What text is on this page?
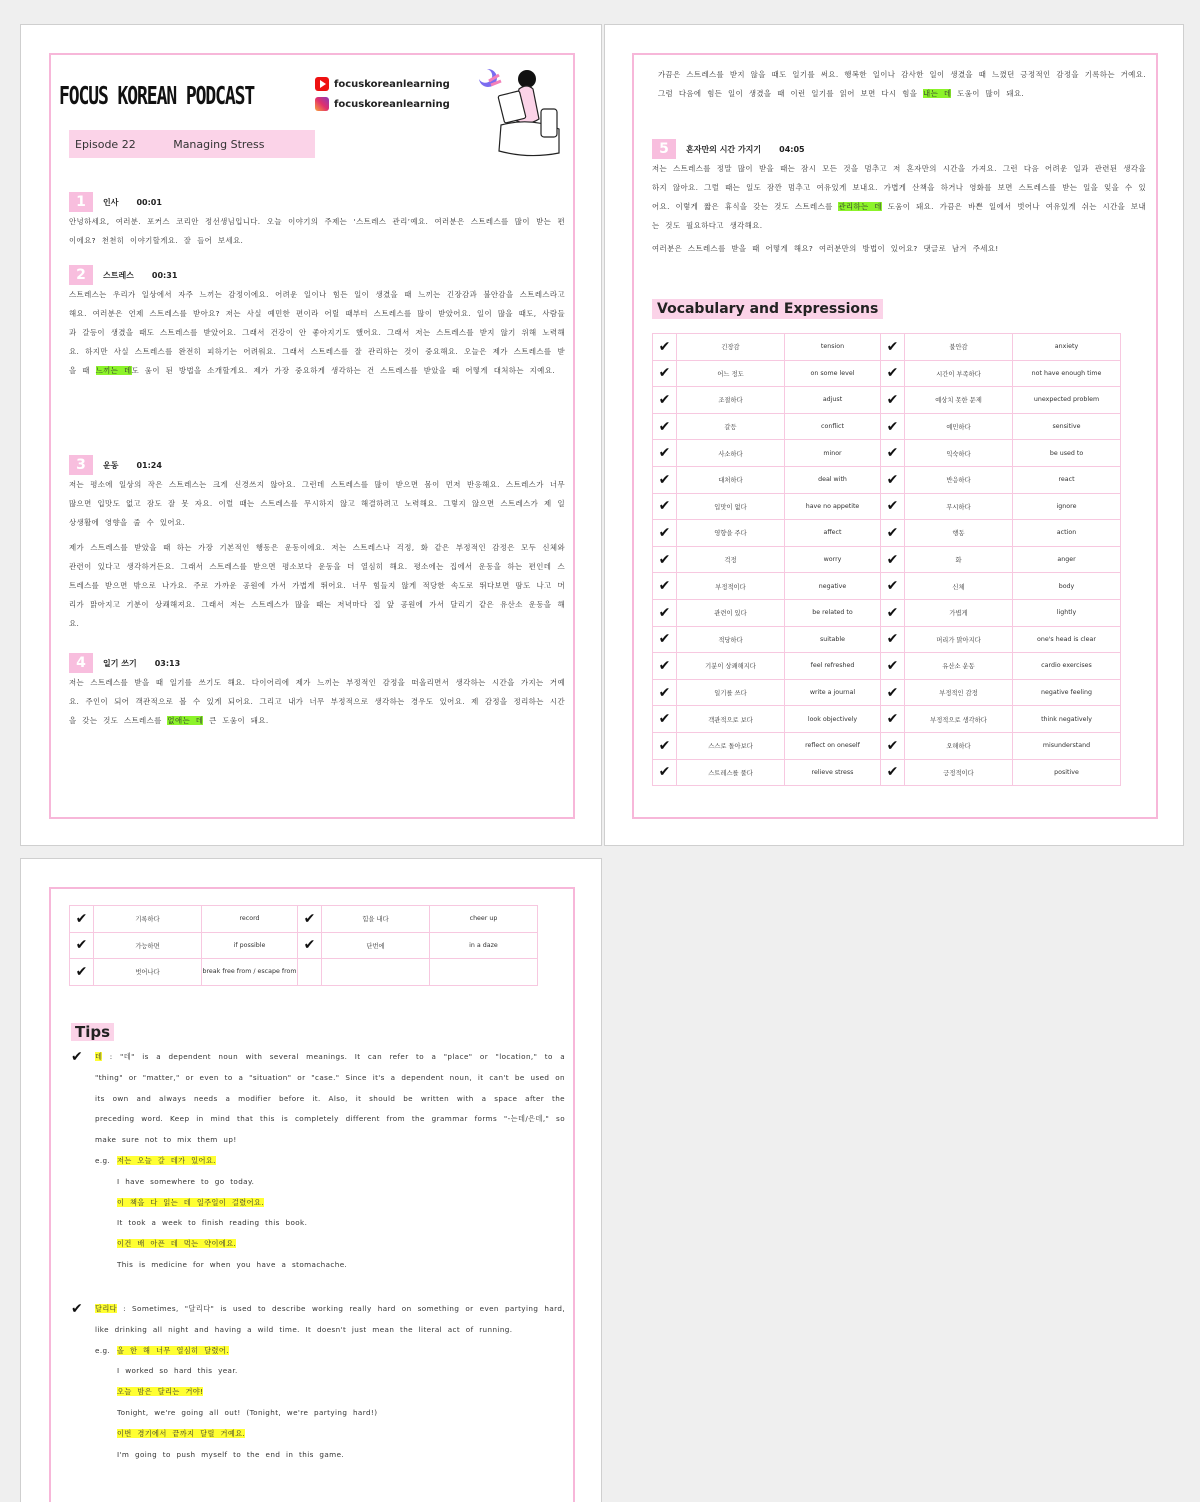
FOCUS KOREAN PODCAST	focuskoreanlearning
focuskoreanlearning
Episode 22	Managing Stress
1	인사 00:01

안녕하세요, 여러분. 포커스 코리안 정선생님입니다. 오늘 이야기의 주제는 ‘스트레스 관리’예요. 여러분은 스트레스를 많이 받는 편이에요? 천천히 이야기할게요. 잘 들어 보세요.

2	스트레스 00:31

스트레스는 우리가 일상에서 자주 느끼는 감정이에요. 어려운 일이나 힘든 일이 생겼을 때 느끼는 긴장감과 불안감을 스트레스라고 해요. 여러분은 언제 스트레스를 받아요? 저는 사실 예민한 편이라 어릴 때부터 스트레스를 많이 받았어요. 일이 많을 때도, 사람들과 갈등이 생겼을 때도 스트레스를 받았어요. 그래서 건강이 안 좋아지기도 했어요. 그래서 저는 스트레스를 받지 않기 위해 노력해요. 하지만 사실 스트레스를 완전히 피하기는 어려워요. 그래서 스트레스를 잘 관리하는 것이 중요해요. 오늘은 제가 스트레스를 받을 때 느끼는 데도 움이 된 방법을 소개할게요. 제가 가장 중요하게 생각하는 건 스트레스를 받았을 때 어떻게 대처하는 지예요.

3	운동 01:24

저는 평소에 일상의 작은 스트레스는 크게 신경쓰지 않아요. 그런데 스트레스를 많이 받으면 몸이 먼저 반응해요. 스트레스가 너무 많으면 입맛도 없고 잠도 잘 못 자요. 이럴 때는 스트레스를 무시하지 않고 해결하려고 노력해요. 그렇지 않으면 스트레스가 제 일상생활에 영향을 줄 수 있어요.

제가 스트레스를 받았을 때 하는 가장 기본적인 행동은 운동이에요. 저는 스트레스나 걱정, 화 같은 부정적인 감정은 모두 신체와 관련이 있다고 생각하거든요. 그래서 스트레스를 받으면 평소보다 운동을 더 열심히 해요. 평소에는 집에서 운동을 하는 편인데 스트레스를 받으면 밖으로 나가요. 주로 가까운 공원에 가서 가볍게 뛰어요. 너무 힘들지 않게 적당한 속도로 뛰다보면 땀도 나고 머리가 맑아지고 기분이 상쾌해져요. 그래서 저는 스트레스가 많을 때는 저녁마다 집 앞 공원에 가서 달리기 같은 유산소 운동을 해요.

4	일기 쓰기 03:13

저는 스트레스를 받을 때 일기를 쓰기도 해요. 다이어리에 제가 느끼는 부정적인 감정을 떠올리면서 생각하는 시간을 가지는 거예요. 주인이 되어 객관적으로 볼 수 있게 되어요. 그리고 내가 너무 부정적으로 생각하는 경우도 있어요. 제 감정을 정리하는 시간을 갖는 것도 스트레스를 없애는 데 큰 도움이 돼요.

가끔은 스트레스를 받지 않을 때도 일기를 써요. 행복한 일이나 감사한 일이 생겼을 때 느꼈던 긍정적인 감정을 기록하는 거예요. 그럼 다음에 힘든 일이 생겼을 때 이런 일기를 읽어 보면 다시 힘을 내는 데 도움이 많이 돼요.

5	혼자만의 시간 가지기 04:05

저는 스트레스를 정말 많이 받을 때는 잠시 모든 것을 멈추고 저 혼자만의 시간을 가져요. 그런 다음 어려운 일과 관련된 생각을 하지 않아요. 그럴 때는 일도 잠깐 멈추고 여유있게 보내요. 가볍게 산책을 하거나 영화를 보면 스트레스를 받는 일을 잊을 수 있어요. 이렇게 짧은 휴식을 갖는 것도 스트레스를 관리하는 데 도움이 돼요. 가끔은 바쁜 일에서 벗어나 여유있게 쉬는 시간을 보내는 것도 필요하다고 생각해요.

여러분은 스트레스를 받을 때 어떻게 해요? 여러분만의 방법이 있어요? 댓글로 남겨 주세요!

Vocabulary and Expressions
✔	긴장감	tension	✔	불안감	anxiety
✔	어느 정도	on some level	✔	시간이 부족하다	not have enough time
✔	조절하다	adjust	✔	예상치 못한 문제	unexpected problem
✔	갈등	conflict	✔	예민하다	sensitive
✔	사소하다	minor	✔	익숙하다	be used to
✔	대처하다	deal with	✔	반응하다	react
✔	입맛이 없다	have no appetite	✔	무시하다	ignore
✔	영향을 주다	affect	✔	행동	action
✔	걱정	worry	✔	화	anger
✔	부정적이다	negative	✔	신체	body
✔	관련이 있다	be related to	✔	가볍게	lightly
✔	적당하다	suitable	✔	머리가 맑아지다	one's head is clear
✔	기분이 상쾌해지다	feel refreshed	✔	유산소 운동	cardio exercises
✔	일기를 쓰다	write a journal	✔	부정적인 감정	negative feeling
✔	객관적으로 보다	look objectively	✔	부정적으로 생각하다	think negatively
✔	스스로 돌아보다	reflect on oneself	✔	오해하다	misunderstand
✔	스트레스를 풀다	relieve stress	✔	긍정적이다	positive
✔	기록하다	record	✔	힘을 내다	cheer up
✔	가능하면	if possible	✔	단번에	in a daze
✔	벗어나다	break free from / escape from			
Tips
✔ 데 : "데" is a dependent noun with several meanings. It can refer to a "place" or "location," to a "thing" or "matter," or even to a "situation" or "case." Since it's a dependent noun, it can't be used on its own and always needs a modifier before it. Also, it should be written with a space after the preceding word. Keep in mind that this is completely different from the grammar forms "-는데/은데," so make sure not to mix them up!
e.g. 저는 오늘 갈 데가 있어요.
I have somewhere to go today.
이 책을 다 읽는 데 일주일이 걸렸어요.
It took a week to finish reading this book.
이건 배 아픈 데 먹는 약이에요.
This is medicine for when you have a stomachache.
✔ 달리다 : Sometimes, "달리다" is used to describe working really hard on something or even partying hard, like drinking all night and having a wild time. It doesn't just mean the literal act of running.
e.g. 올 한 해 너무 열심히 달렸어.
I worked so hard this year.
오늘 밤은 달리는 거야!
Tonight, we're going all out! (Tonight, we're partying hard!)
이번 경기에서 끝까지 달릴 거예요.
I'm going to push myself to the end in this game.
